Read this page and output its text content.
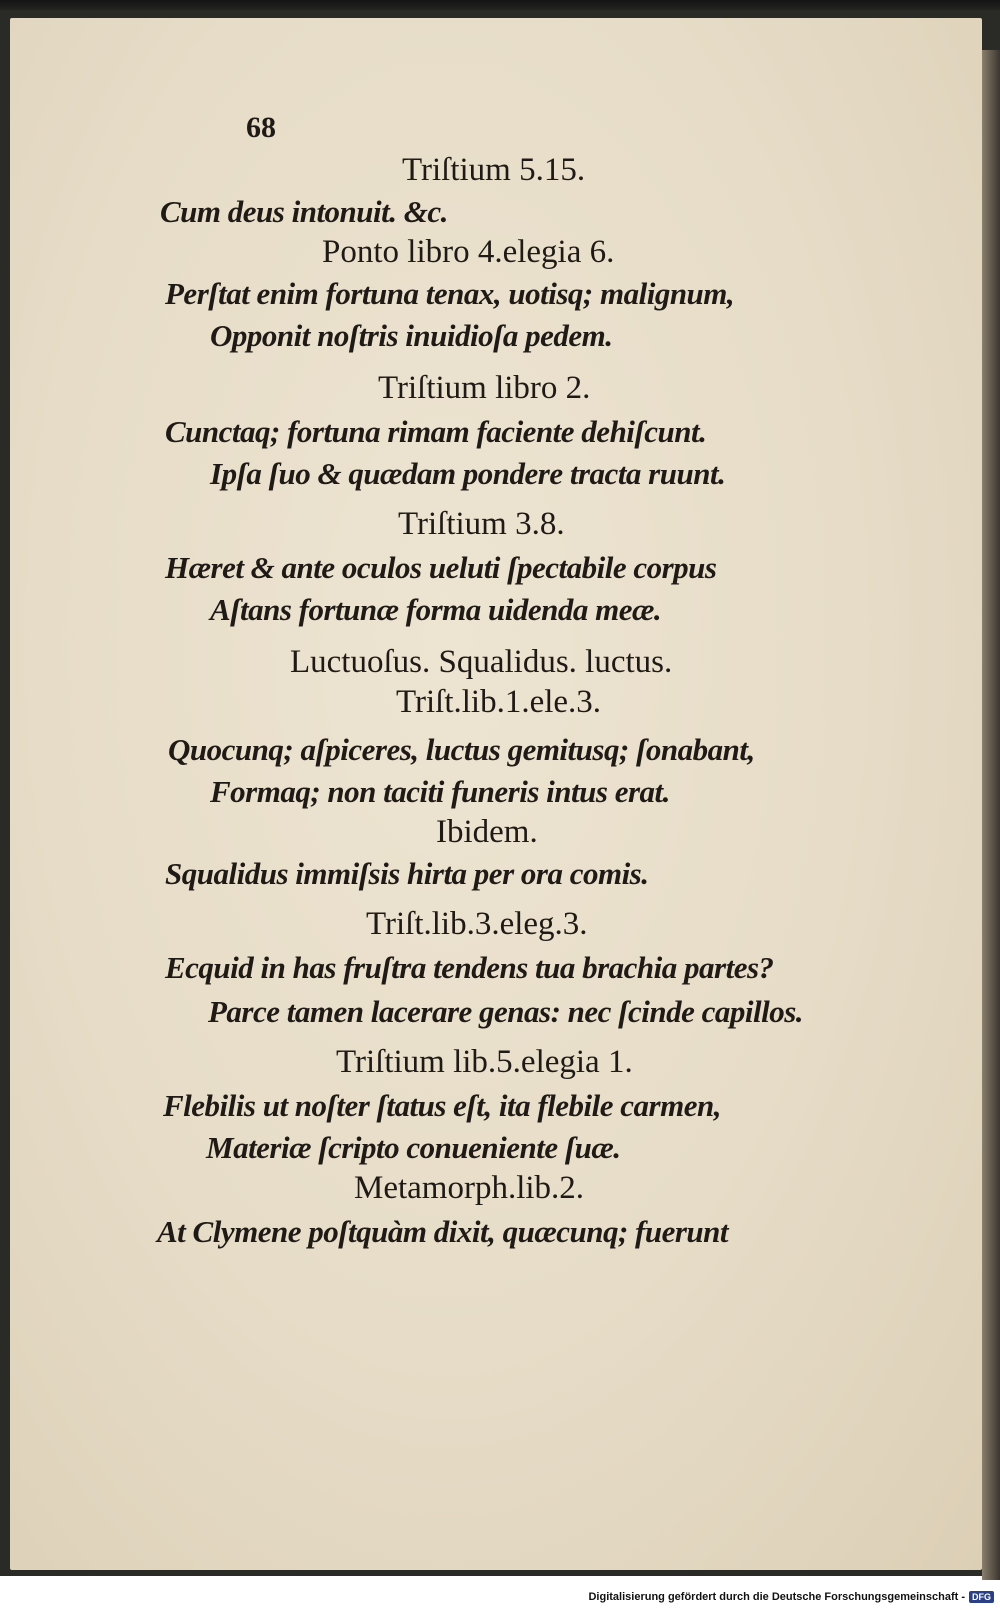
68
Triſtium 5.15.
Cum deus intonuit. &c.
Ponto libro 4.elegia 6.
Perſtat enim fortuna tenax, uotisq; malignum,
Opponit noſtris inuidioſa pedem.
Triſtium libro 2.
Cunctaq; fortuna rimam faciente dehiſcunt.
Ipſa ſuo & quædam pondere tracta ruunt.
Triſtium 3.8.
Hæret & ante oculos ueluti ſpectabile corpus
Aſtans fortunæ forma uidenda meæ.
Luctuoſus. Squalidus. luctus.
Triſt.lib.1.ele.3.
Quocunq; aſpiceres, luctus gemitusq; ſonabant,
Formaq; non taciti funeris intus erat.
Ibidem.
Squalidus immiſsis hirta per ora comis.
Triſt.lib.3.eleg.3.
Ecquid in has fruſtra tendens tua brachia partes?
Parce tamen lacerare genas: nec ſcinde capillos.
Triſtium lib.5.elegia 1.
Flebilis ut noſter ſtatus eſt, ita flebile carmen,
Materiæ ſcripto conueniente ſuæ.
Metamorph.lib.2.
At Clymene poſtquàm dixit, quæcunq; fuerunt
Digitalisierung gefördert durch die Deutsche Forschungsgemeinschaft - DFG
